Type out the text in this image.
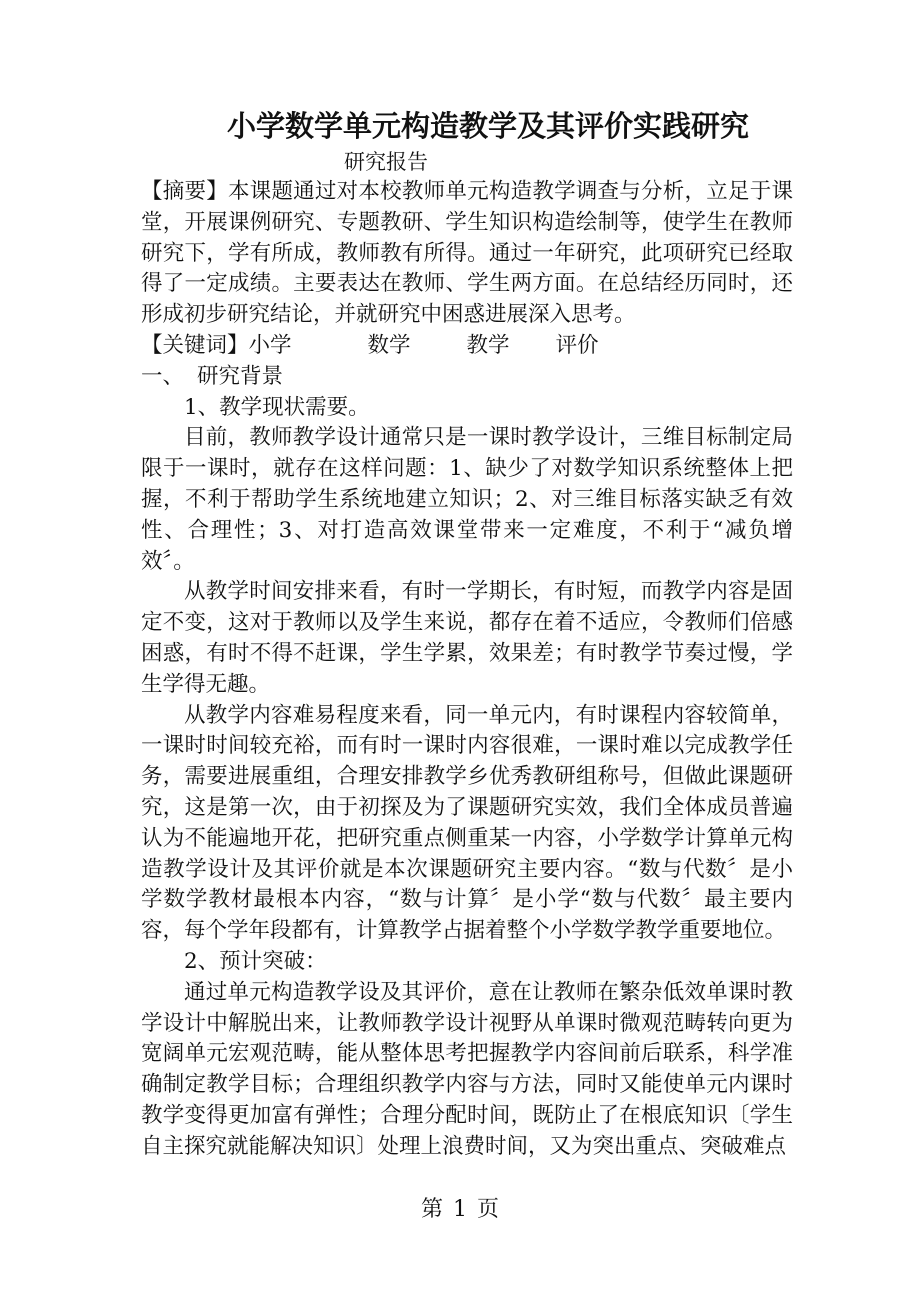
小学数学单元构造教学及其评价实践研究
研究报告

【摘要】本课题通过对本校教师单元构造教学调查与分析，立足于课堂，开展课例研究、专题教研、学生知识构造绘制等，使学生在教师研究下，学有所成，教师教有所得。通过一年研究，此项研究已经取得了一定成绩。主要表达在教师、学生两方面。在总结经历同时，还形成初步研究结论，并就研究中困惑进展深入思考。

【关键词】小学	数学	教学 评价

一、 研究背景

1、教学现状需要。

目前，教师教学设计通常只是一课时教学设计，三维目标制定局限于一课时，就存在这样问题：1、缺少了对数学知识系统整体上把握，不利于帮助学生系统地建立知识；2、对三维目标落实缺乏有效性、合理性；3、对打造高效课堂带来一定难度，不利于“减负增效〞。

从教学时间安排来看，有时一学期长，有时短，而教学内容是固定不变，这对于教师以及学生来说，都存在着不适应，令教师们倍感困惑，有时不得不赶课，学生学累，效果差；有时教学节奏过慢，学生学得无趣。

从教学内容难易程度来看，同一单元内，有时课程内容较简单，一课时时间较充裕，而有时一课时内容很难，一课时难以完成教学任务，需要进展重组，合理安排教学乡优秀教研组称号，但做此课题研究，这是第一次，由于初探及为了课题研究实效，我们全体成员普遍认为不能遍地开花，把研究重点侧重某一内容，小学数学计算单元构造教学设计及其评价就是本次课题研究主要内容。“数与代数〞是小学数学教材最根本内容，“数与计算〞是小学“数与代数〞最主要内容，每个学年段都有，计算教学占据着整个小学数学教学重要地位。

2、预计突破：

通过单元构造教学设及其评价，意在让教师在繁杂低效单课时教学设计中解脱出来，让教师教学设计视野从单课时微观范畴转向更为宽阔单元宏观范畴，能从整体思考把握教学内容间前后联系，科学准确制定教学目标；合理组织教学内容与方法，同时又能使单元内课时教学变得更加富有弹性；合理分配时间，既防止了在根底知识〔学生自主探究就能解决知识〕处理上浪费时间，又为突出重点、突破难点

第 1 页
